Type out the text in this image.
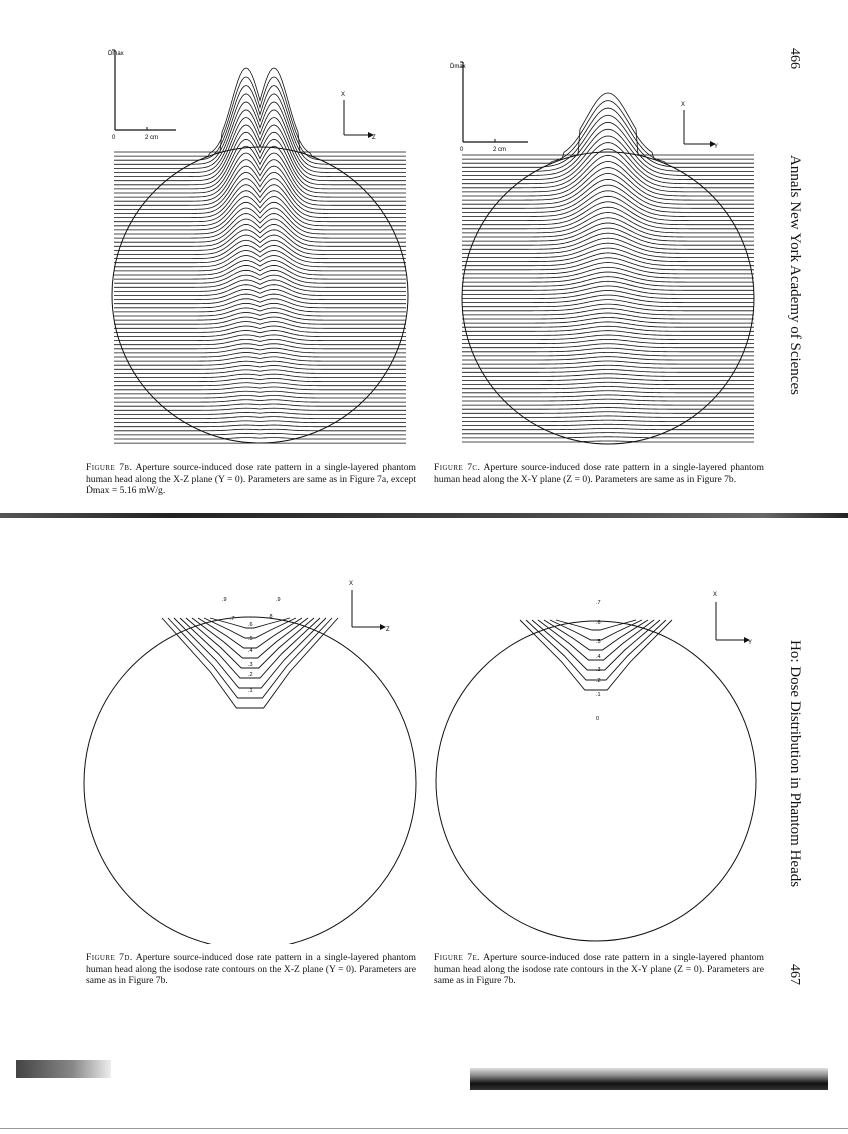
466
Annals New York Academy of Sciences
Ho: Dose Distribution in Phantom Heads
467
Ḋmax
0	2 cm
X
Z
Ḋmax
0	2 cm
X
Y
Figure 7b. Aperture source-induced dose rate pattern in a single-layered phantom human head along the X-Z plane (Y = 0). Parameters are same as in Figure 7a, except Ḋmax = 5.16 mW/g.
Figure 7c. Aperture source-induced dose rate pattern in a single-layered phantom human head along the X-Y plane (Z = 0). Parameters are same as in Figure 7b.
X
Z
.9	.9
.8
.7
.6
.5
.4
.3
.2
.1
X
Y
.7
.6
.5
.4
.3
.2
.1
0
Figure 7d. Aperture source-induced dose rate pattern in a single-layered phantom human head along the isodose rate contours on the X-Z plane (Y = 0). Parameters are same as in Figure 7b.
Figure 7e. Aperture source-induced dose rate pattern in a single-layered phantom human head along the isodose rate contours in the X-Y plane (Z = 0). Parameters are same as in Figure 7b.
